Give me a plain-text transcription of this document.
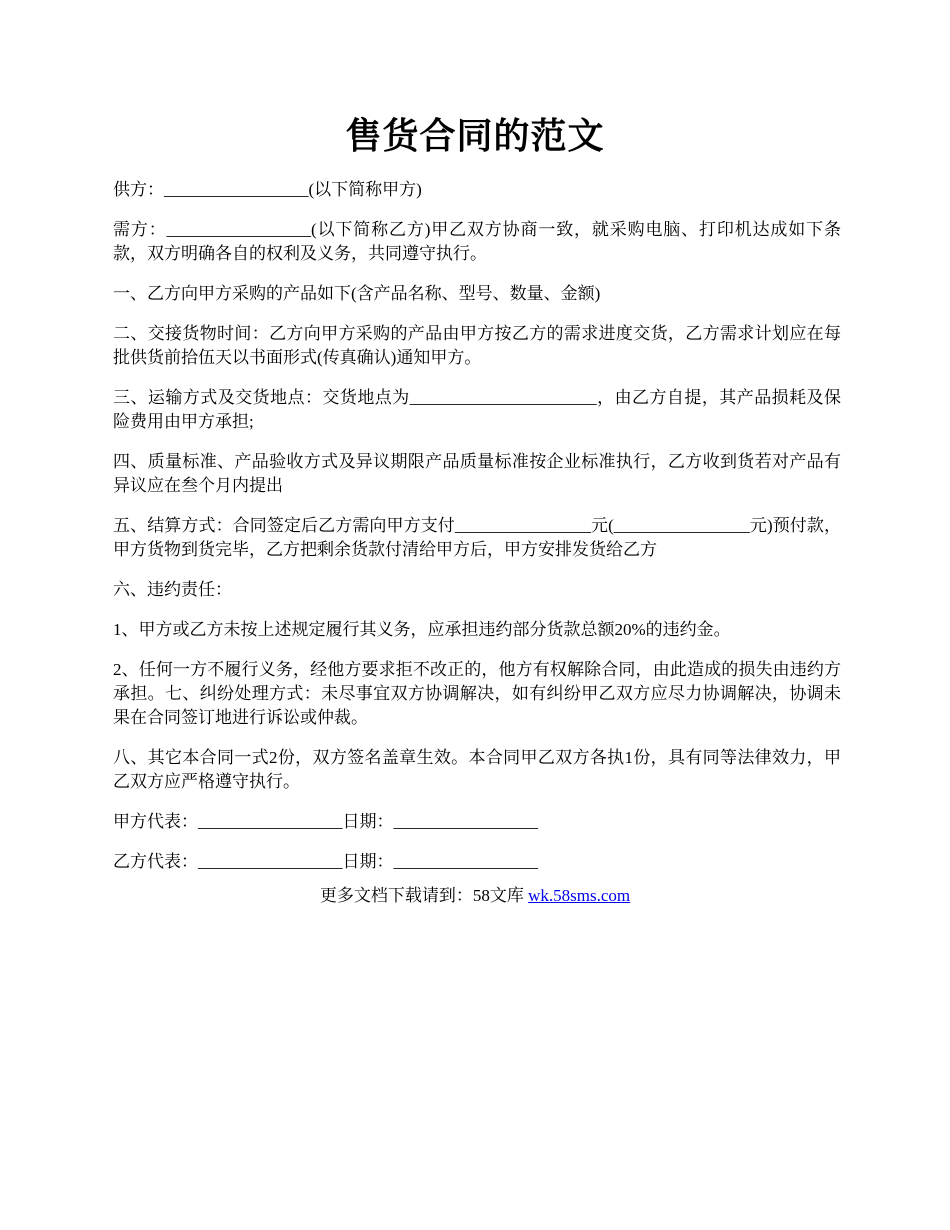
售货合同的范文

供方：_________________(以下简称甲方)

需方：_________________(以下简称乙方)甲乙双方协商一致，就采购电脑、打印机达成如下条款，双方明确各自的权利及义务，共同遵守执行。

一、乙方向甲方采购的产品如下(含产品名称、型号、数量、金额)

二、交接货物时间：乙方向甲方采购的产品由甲方按乙方的需求进度交货，乙方需求计划应在每批供货前拾伍天以书面形式(传真确认)通知甲方。

三、运输方式及交货地点：交货地点为______________________，由乙方自提，其产品损耗及保险费用由甲方承担;

四、质量标准、产品验收方式及异议期限产品质量标准按企业标准执行，乙方收到货若对产品有异议应在叁个月内提出

五、结算方式：合同签定后乙方需向甲方支付________________元(________________元)预付款，甲方货物到货完毕，乙方把剩余货款付清给甲方后，甲方安排发货给乙方

六、违约责任：

1、甲方或乙方未按上述规定履行其义务，应承担违约部分货款总额20%的违约金。

2、任何一方不履行义务，经他方要求拒不改正的，他方有权解除合同，由此造成的损失由违约方承担。七、纠纷处理方式：未尽事宜双方协调解决，如有纠纷甲乙双方应尽力协调解决，协调未果在合同签订地进行诉讼或仲裁。

八、其它本合同一式2份，双方签名盖章生效。本合同甲乙双方各执1份，具有同等法律效力，甲乙双方应严格遵守执行。

甲方代表：_________________日期：_________________

乙方代表：_________________日期：_________________

更多文档下载请到：58文库 wk.58sms.com
